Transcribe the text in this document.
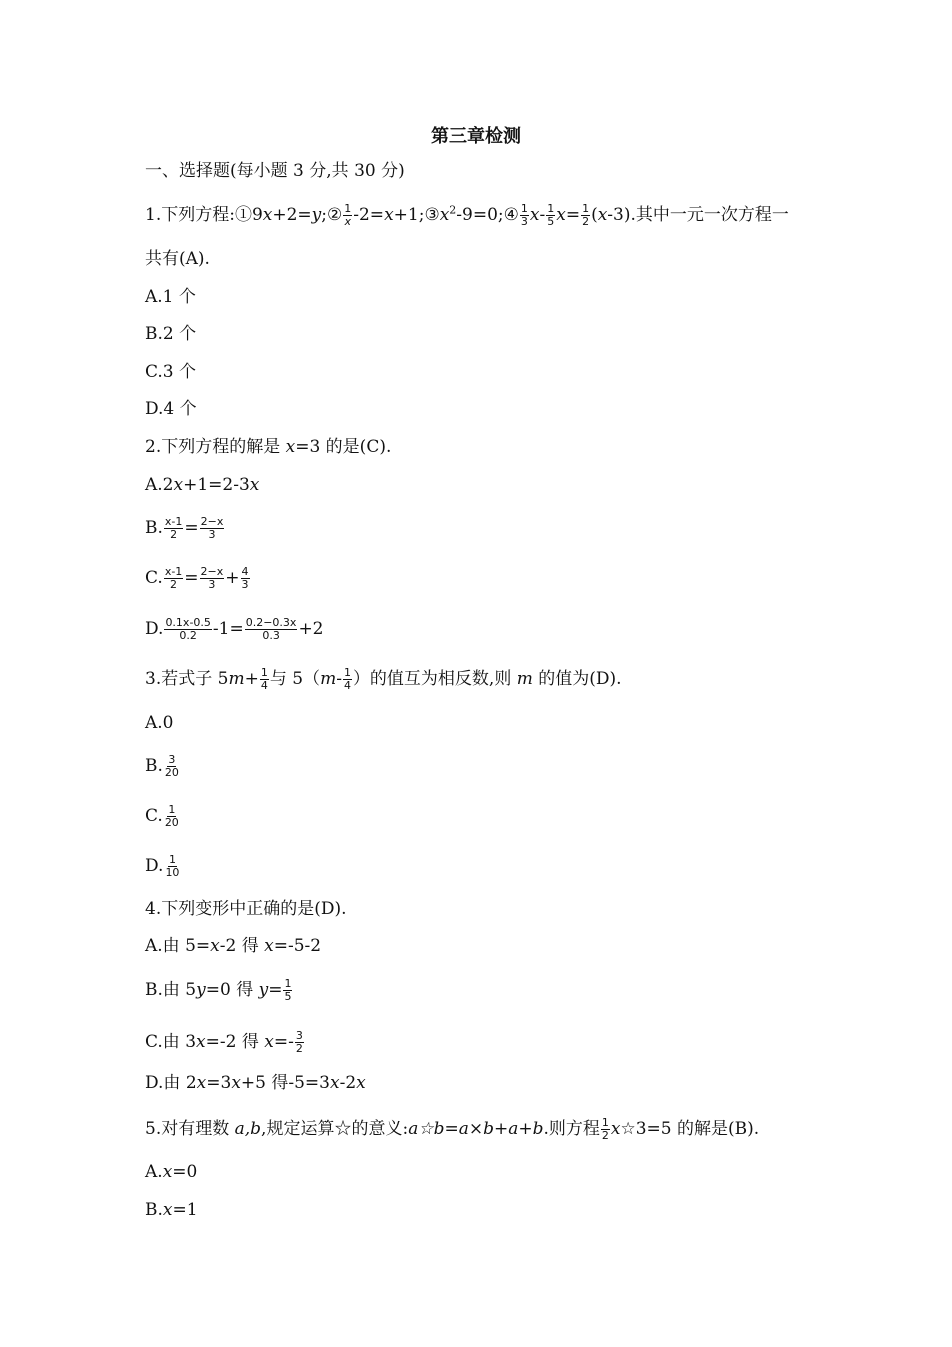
第三章检测
一、选择题(每小题 3 分,共 30 分)
1.下列方程:①9x+2=y;② $\frac{1}{x}$ $-2=x+1;③x^2-9=0;④ \frac{1}{3} x- \frac{1}{5} x= \frac{1}{2} (x-3)$.其中一元一次方程一
共有(A).
A.1 个
B.2 个
C.3 个
D.4 个
2.下列方程的解是 x=3 的是(C).
A.2x+1=2-3x
B. $\frac{x-1}{2} = \frac{2-x}{3}$
C. $\frac{x-1}{2} = \frac{2-x}{3} + \frac{4}{3}$
D. $\frac{0.1x-0.5}{0.2} -1= \frac{0.2-0.3x}{0.3} +2$
3.若式子 $5m+ \frac{1}{4}$ 与 $5(m- \frac{1}{4}$ ）的值互为相反数,则 m 的值为(D).
A.0
B. $\frac{3}{20}$
C. $\frac{1}{20}$
D. $\frac{1}{10}$
4.下列变形中正确的是(D).
A.由 5=x-2 得 x=-5-2
B.由 5y=0 得 $y= \frac{1}{5}$
C.由 3x=-2 得 $x=- \frac{3}{2}$
D.由 2x=3x+5 得-5=3x-2x
5.对有理数 a,b,规定运算☆的意义:a☆b=a×b+a+b.则方程 $\frac{1}{2}$ x☆3=5 的解是(B).
A.x=0
B.x=1
